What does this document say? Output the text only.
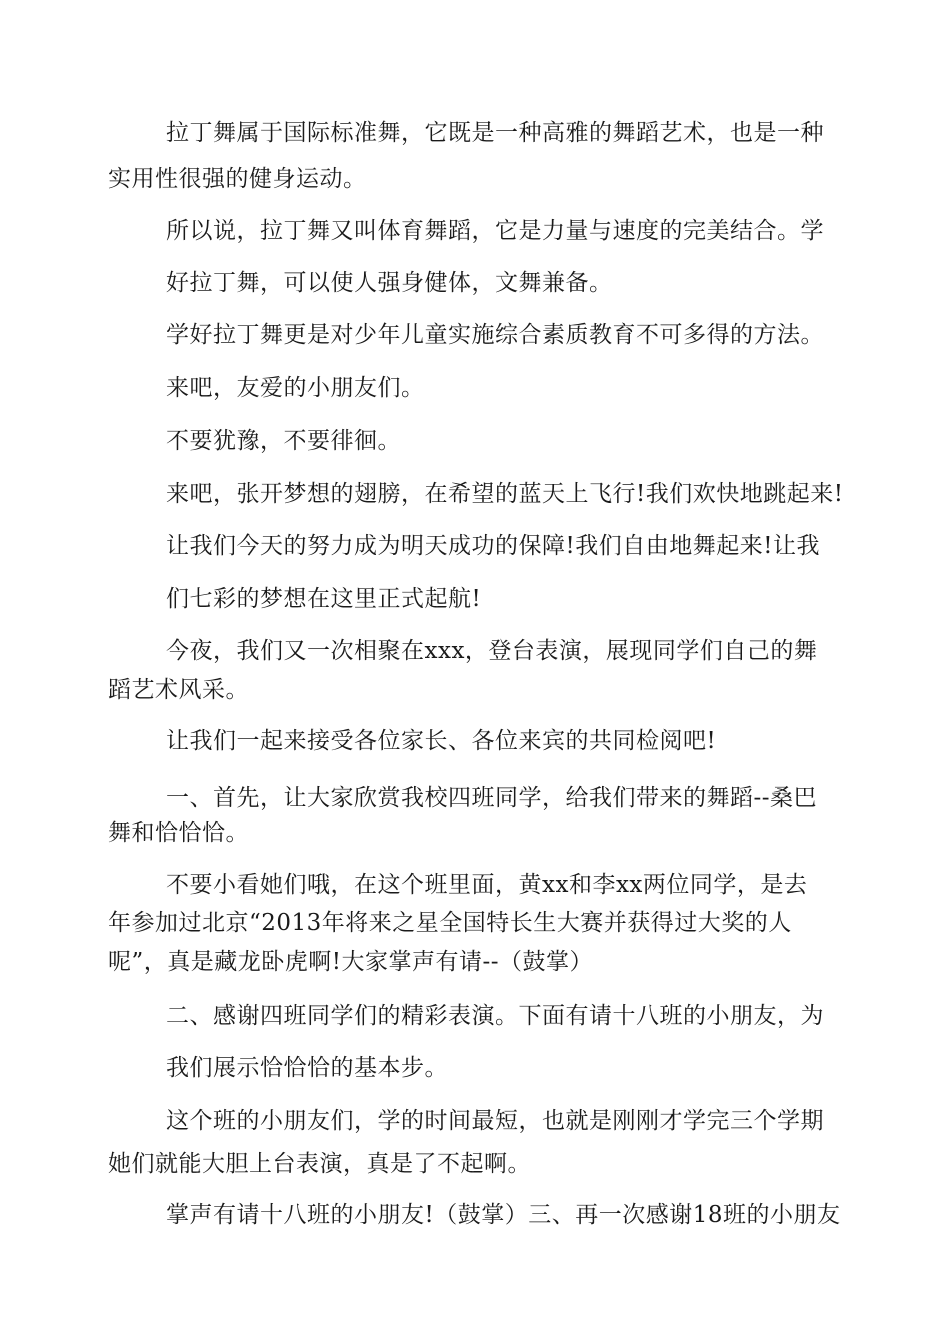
拉丁舞属于国际标准舞，它既是一种高雅的舞蹈艺术，也是一种
实用性很强的健身运动。
所以说，拉丁舞又叫体育舞蹈，它是力量与速度的完美结合。学
好拉丁舞，可以使人强身健体，文舞兼备。
学好拉丁舞更是对少年儿童实施综合素质教育不可多得的方法。
来吧，友爱的小朋友们。
不要犹豫，不要徘徊。
来吧，张开梦想的翅膀，在希望的蓝天上飞行!我们欢快地跳起来!
让我们今天的努力成为明天成功的保障!我们自由地舞起来!让我
们七彩的梦想在这里正式起航!
今夜，我们又一次相聚在xxx，登台表演，展现同学们自己的舞
蹈艺术风采。
让我们一起来接受各位家长、各位来宾的共同检阅吧!
一、首先，让大家欣赏我校四班同学，给我们带来的舞蹈--桑巴
舞和恰恰恰。
不要小看她们哦，在这个班里面，黄xx和李xx两位同学，是去
年参加过北京“2013年将来之星全国特长生大赛并获得过大奖的人
呢”，真是藏龙卧虎啊!大家掌声有请--（鼓掌）
二、感谢四班同学们的精彩表演。下面有请十八班的小朋友，为
我们展示恰恰恰的基本步。
这个班的小朋友们，学的时间最短，也就是刚刚才学完三个学期
她们就能大胆上台表演，真是了不起啊。
掌声有请十八班的小朋友!（鼓掌）三、再一次感谢18班的小朋友
